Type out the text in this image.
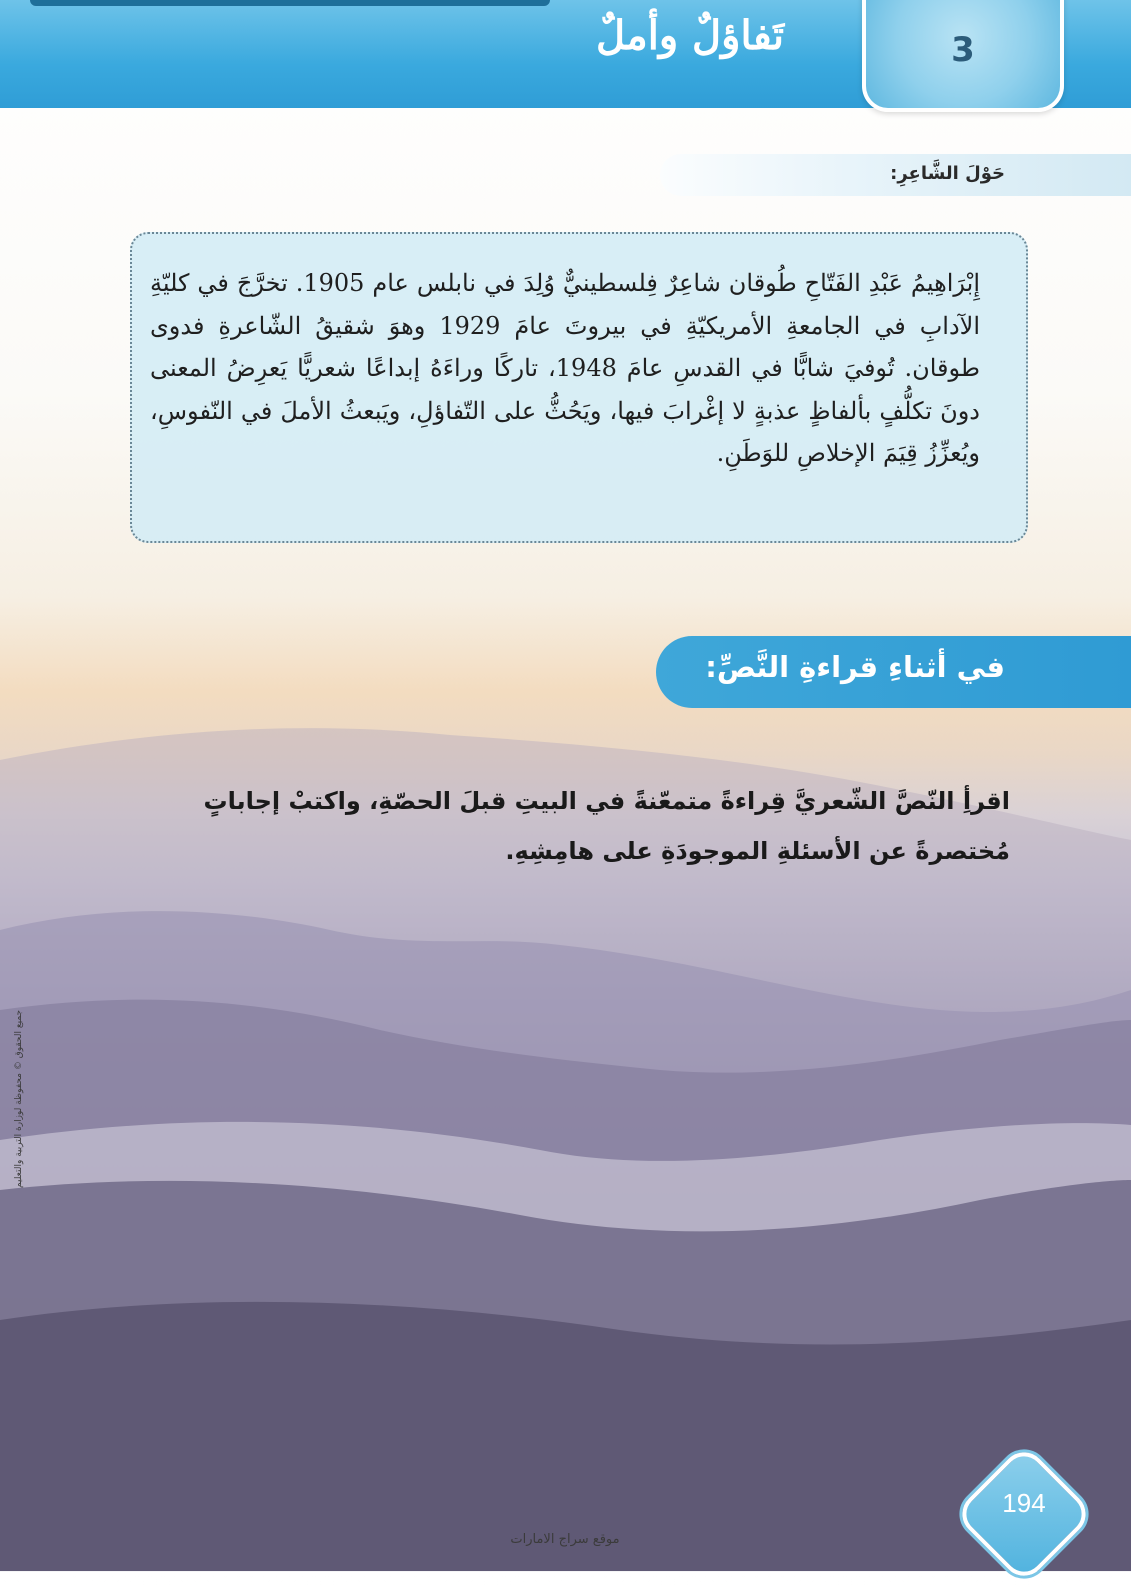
تَفاؤلٌ وأملٌ	3
حَوْلَ الشَّاعِرِ:
إِبْرَاهِيمُ عَبْدِ الفَتّاحِ طُوقان شاعِرٌ فِلسطينيٌّ وُلِدَ في نابلس عام 1905. تخرَّجَ في كليّةِ الآدابِ في الجامعةِ الأمريكيّةِ في بيروتَ عامَ 1929 وهوَ شقيقُ الشّاعرةِ فدوى طوقان. تُوفيَ شابًّا في القدسِ عامَ 1948، تاركًا وراءَهُ إبداعًا شعريًّا يَعرِضُ المعنى دونَ تكلُّفٍ بألفاظٍ عذبةٍ لا إغْرابَ فيها، ويَحُثُّ على التّفاؤلِ، ويَبعثُ الأملَ في النّفوسِ، ويُعزِّزُ قِيَمَ الإخلاصِ للوَطَنِ.
في أثناءِ قراءةِ النَّصِّ:
اقرأِ النّصَّ الشّعريَّ قِراءةً متمعّنةً في البيتِ قبلَ الحصّةِ، واكتبْ إجاباتٍ مُختصرةً عن الأسئلةِ الموجودَةِ على هامِشِهِ.
194
موقع سراج الامارات
